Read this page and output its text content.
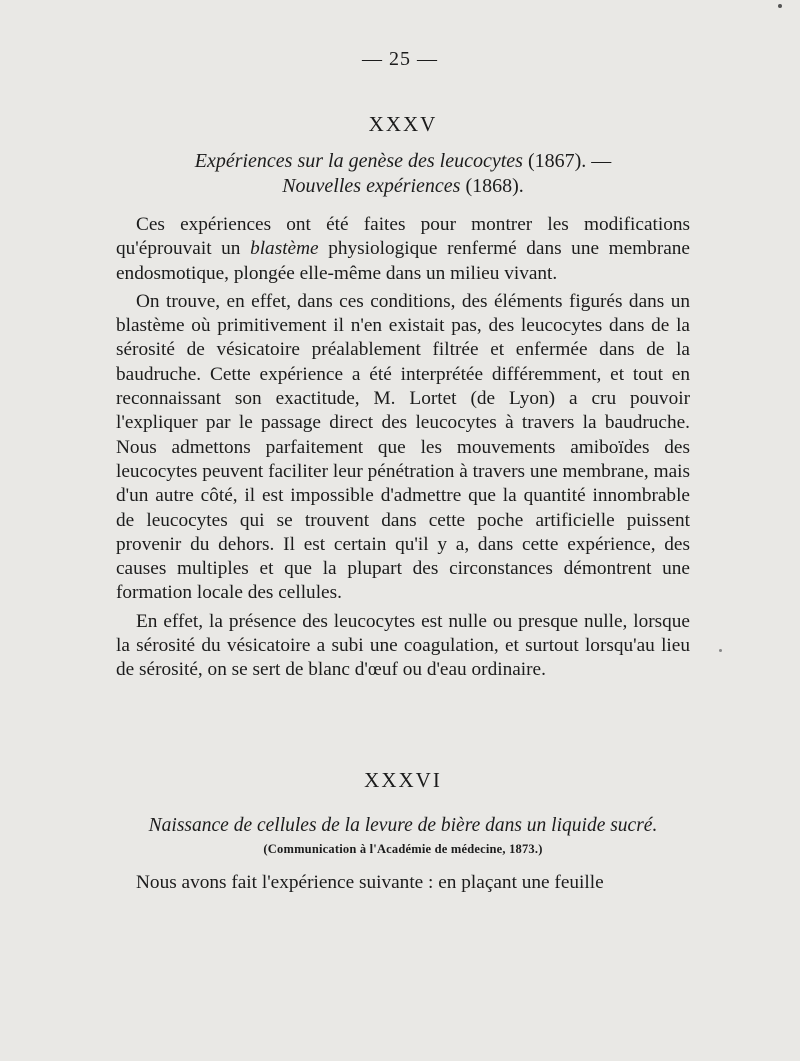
— 25 —
XXXV
Expériences sur la genèse des leucocytes (1867). —
Nouvelles expériences (1868).

Ces expériences ont été faites pour montrer les modifications qu'éprouvait un blastème physiologique renfermé dans une membrane endosmotique, plongée elle-même dans un milieu vivant.

On trouve, en effet, dans ces conditions, des éléments figurés dans un blastème où primitivement il n'en existait pas, des leucocytes dans de la sérosité de vésicatoire préalablement filtrée et enfermée dans de la baudruche. Cette expérience a été interprétée différemment, et tout en reconnaissant son exactitude, M. Lortet (de Lyon) a cru pouvoir l'expliquer par le passage direct des leucocytes à travers la baudruche. Nous admettons parfaitement que les mouvements amiboïdes des leucocytes peuvent faciliter leur pénétration à travers une membrane, mais d'un autre côté, il est impossible d'admettre que la quantité innombrable de leucocytes qui se trouvent dans cette poche artificielle puissent provenir du dehors. Il est certain qu'il y a, dans cette expérience, des causes multiples et que la plupart des circonstances démontrent une formation locale des cellules.

En effet, la présence des leucocytes est nulle ou presque nulle, lorsque la sérosité du vésicatoire a subi une coagulation, et surtout lorsqu'au lieu de sérosité, on se sert de blanc d'œuf ou d'eau ordinaire.

XXXVI
Naissance de cellules de la levure de bière dans un liquide sucré.
(Communication à l'Académie de médecine, 1873.)

Nous avons fait l'expérience suivante : en plaçant une feuille
